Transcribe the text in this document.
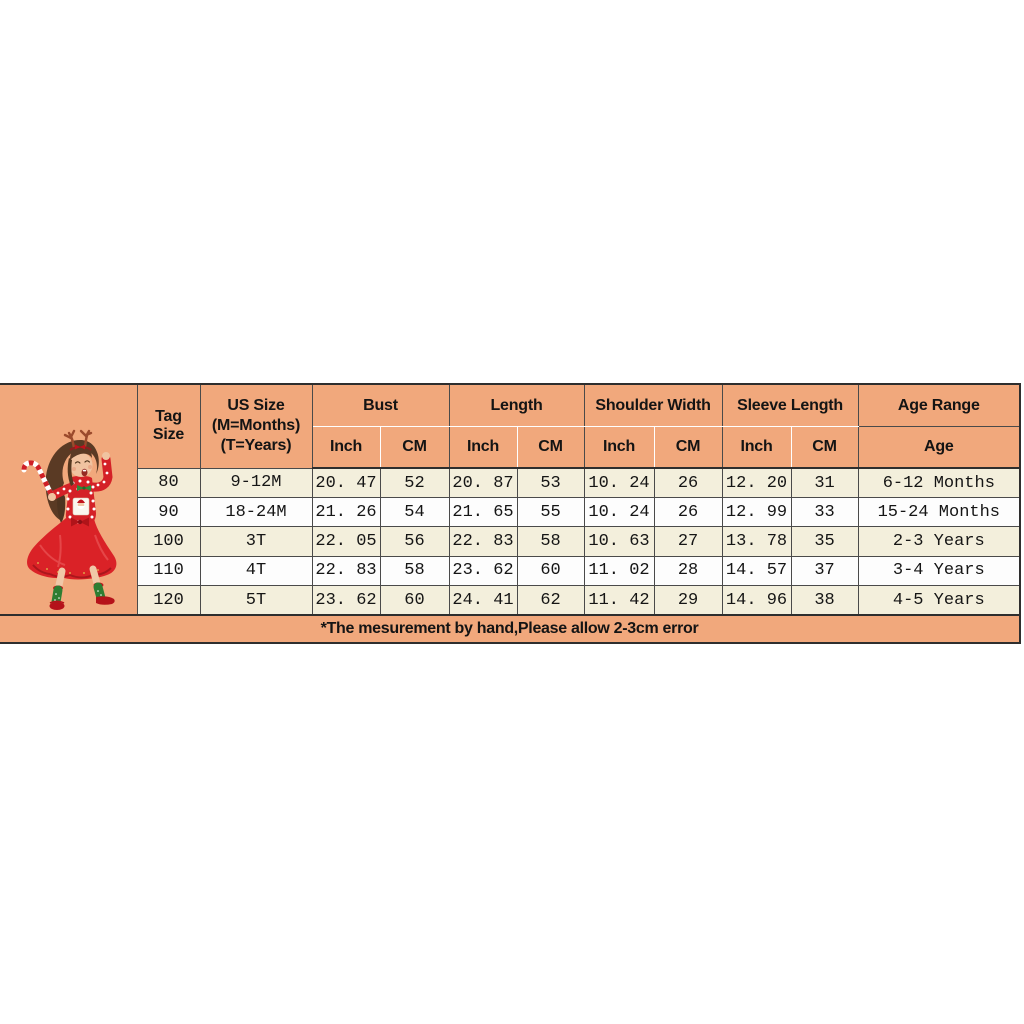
	Tag Size	US Size
(M=Months)
(T=Years)	Bust		Length		Shoulder Width		Sleeve Length		Age Range
			Inch	CM	Inch	CM	Inch	CM	Inch	CM	Age
	80	9-12M	20. 47	52	20. 87	53	10. 24	26	12. 20	31	6-12 Months
	90	18-24M	21. 26	54	21. 65	55	10. 24	26	12. 99	33	15-24 Months
	100	3T	22. 05	56	22. 83	58	10. 63	27	13. 78	35	2-3 Years
	110	4T	22. 83	58	23. 62	60	11. 02	28	14. 57	37	3-4 Years
	120	5T	23. 62	60	24. 41	62	11. 42	29	14. 96	38	4-5 Years
*The mesurement by hand,Please allow 2-3cm error											
